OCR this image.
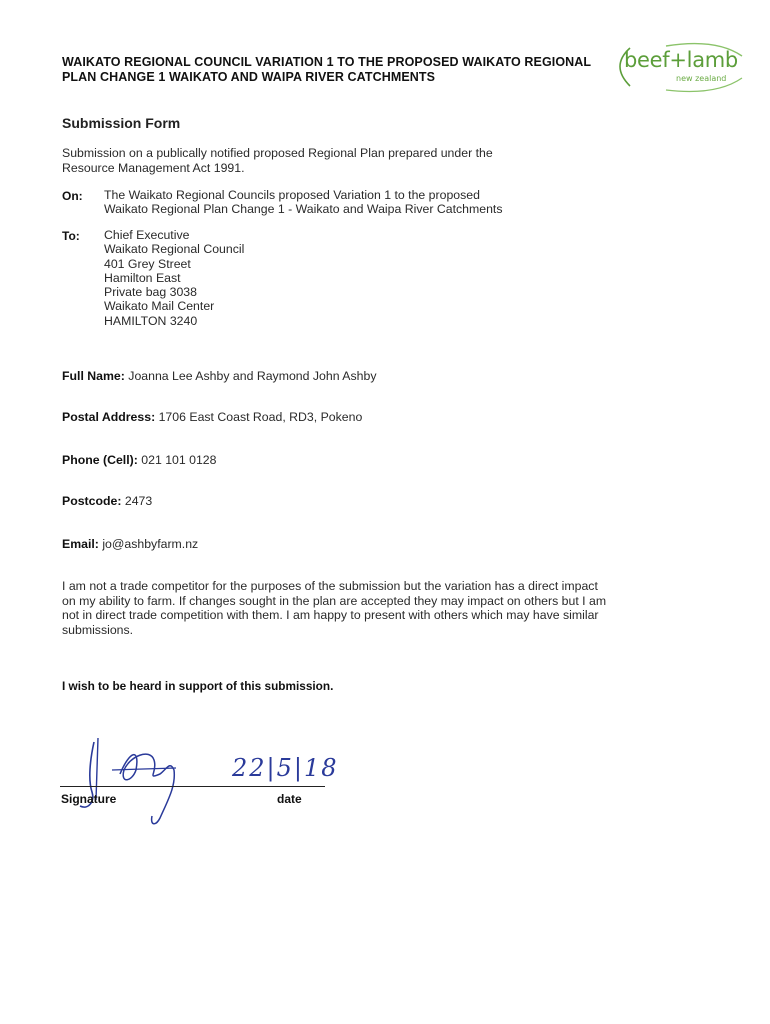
WAIKATO REGIONAL COUNCIL VARIATION 1 TO THE PROPOSED WAIKATO REGIONAL
PLAN CHANGE 1 WAIKATO AND WAIPA RIVER CATCHMENTS
beef+lamb
new zealand
Submission Form
Submission on a publically notified proposed Regional Plan prepared under the
Resource Management Act 1991.
On: The Waikato Regional Councils proposed Variation 1 to the proposed
Waikato Regional Plan Change 1 - Waikato and Waipa River Catchments
To: Chief Executive
Waikato Regional Council
401 Grey Street
Hamilton East
Private bag 3038
Waikato Mail Center
HAMILTON 3240
Full Name: Joanna Lee Ashby and Raymond John Ashby
Postal Address: 1706 East Coast Road, RD3, Pokeno
Phone (Cell): 021 101 0128
Postcode: 2473
Email: jo@ashbyfarm.nz
I am not a trade competitor for the purposes of the submission but the variation has a direct impact
on my ability to farm. If changes sought in the plan are accepted they may impact on others but I am
not in direct trade competition with them. I am happy to present with others which may have similar
submissions.
I wish to be heard in support of this submission.
22|5|18
Signature	date
